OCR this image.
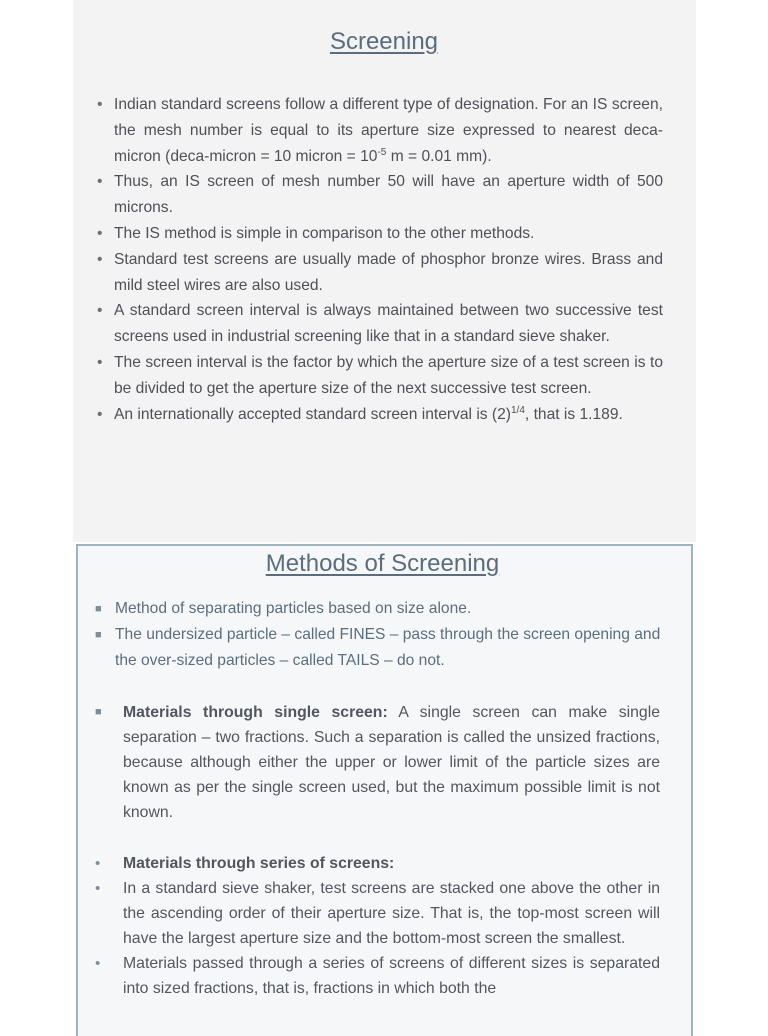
Screening
• Indian standard screens follow a different type of designation. For an IS screen, the mesh number is equal to its aperture size expressed to nearest deca-micron (deca-micron = 10 micron = $10^{-5}$ m = 0.01 mm).
• Thus, an IS screen of mesh number 50 will have an aperture width of 500 microns.
• The IS method is simple in comparison to the other methods.
• Standard test screens are usually made of phosphor bronze wires. Brass and mild steel wires are also used.
• A standard screen interval is always maintained between two successive test screens used in industrial screening like that in a standard sieve shaker.
• The screen interval is the factor by which the aperture size of a test screen is to be divided to get the aperture size of the next successive test screen.
• An internationally accepted standard screen interval is $(2)^{1/4}$, that is 1.189.
Methods of Screening
■ Method of separating particles based on size alone.
■ The undersized particle – called FINES – pass through the screen opening and the over-sized particles – called TAILS – do not.
■ Materials through single screen: A single screen can make single separation – two fractions. Such a separation is called the unsized fractions, because although either the upper or lower limit of the particle sizes are known as per the single screen used, but the maximum possible limit is not known.
• Materials through series of screens:
• In a standard sieve shaker, test screens are stacked one above the other in the ascending order of their aperture size. That is, the top-most screen will have the largest aperture size and the bottom-most screen the smallest.
• Materials passed through a series of screens of different sizes is separated into sized fractions, that is, fractions in which both the
